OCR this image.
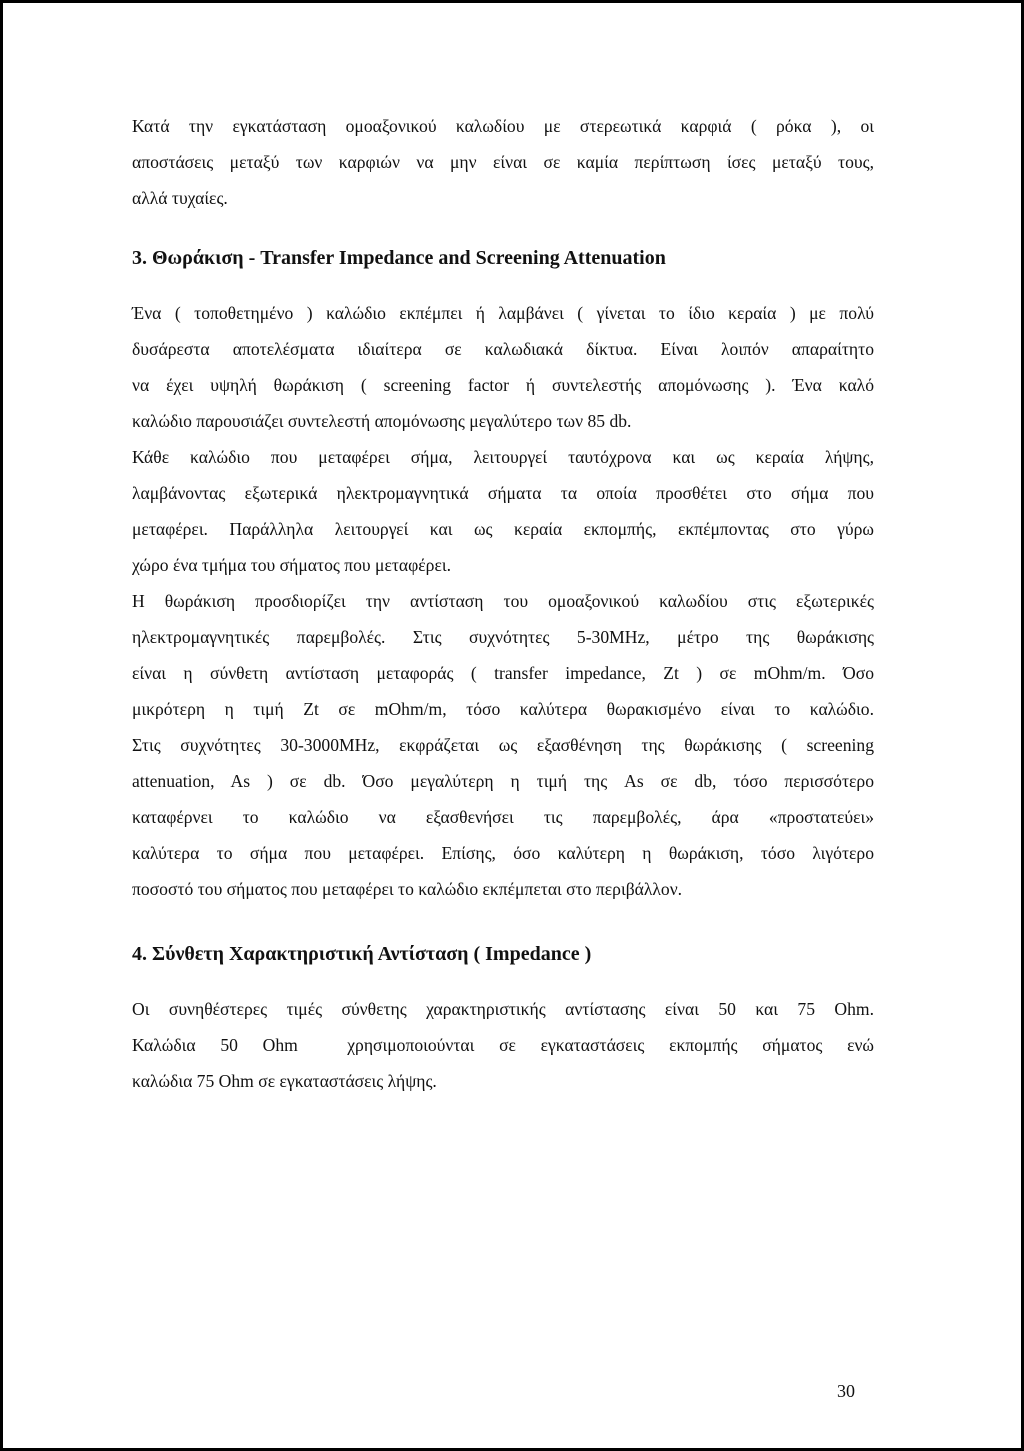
Κατά την εγκατάσταση ομοαξονικού καλωδίου με στερεωτικά καρφιά ( ρόκα ), οι
αποστάσεις μεταξύ των καρφιών να μην είναι σε καμία περίπτωση ίσες μεταξύ τους,
αλλά τυχαίες.

3. Θωράκιση - Transfer Impedance and Screening Attenuation

Ένα ( τοποθετημένο ) καλώδιο εκπέμπει ή λαμβάνει ( γίνεται το ίδιο κεραία ) με πολύ
δυσάρεστα αποτελέσματα ιδιαίτερα σε καλωδιακά δίκτυα. Είναι λοιπόν απαραίτητο
να έχει υψηλή θωράκιση ( screening factor ή συντελεστής απομόνωσης ). Ένα καλό
καλώδιο παρουσιάζει συντελεστή απομόνωσης μεγαλύτερο των 85 db.

Κάθε καλώδιο που μεταφέρει σήμα, λειτουργεί ταυτόχρονα και ως κεραία λήψης,
λαμβάνοντας εξωτερικά ηλεκτρομαγνητικά σήματα τα οποία προσθέτει στο σήμα που
μεταφέρει. Παράλληλα λειτουργεί και ως κεραία εκπομπής, εκπέμποντας στο γύρω
χώρο ένα τμήμα του σήματος που μεταφέρει.

Η θωράκιση προσδιορίζει την αντίσταση του ομοαξονικού καλωδίου στις εξωτερικές
ηλεκτρομαγνητικές παρεμβολές. Στις συχνότητες 5-30MHz, μέτρο της θωράκισης
είναι η σύνθετη αντίσταση μεταφοράς ( transfer impedance, Zt ) σε mOhm/m. Όσο
μικρότερη η τιμή Zt σε mOhm/m, τόσο καλύτερα θωρακισμένο είναι το καλώδιο.
Στις συχνότητες 30-3000MHz, εκφράζεται ως εξασθένηση της θωράκισης ( screening
attenuation, As ) σε db. Όσο μεγαλύτερη η τιμή της As σε db, τόσο περισσότερο
καταφέρνει το καλώδιο να εξασθενήσει τις παρεμβολές, άρα «προστατεύει»
καλύτερα το σήμα που μεταφέρει. Επίσης, όσο καλύτερη η θωράκιση, τόσο λιγότερο
ποσοστό του σήματος που μεταφέρει το καλώδιο εκπέμπεται στο περιβάλλον.

4. Σύνθετη Χαρακτηριστική Αντίσταση ( Impedance )

Οι συνηθέστερες τιμές σύνθετης χαρακτηριστικής αντίστασης είναι 50 και 75 Ohm.
Καλώδια 50 Ohm  χρησιμοποιούνται σε εγκαταστάσεις εκπομπής σήματος ενώ
καλώδια 75 Ohm σε εγκαταστάσεις λήψης.

30
